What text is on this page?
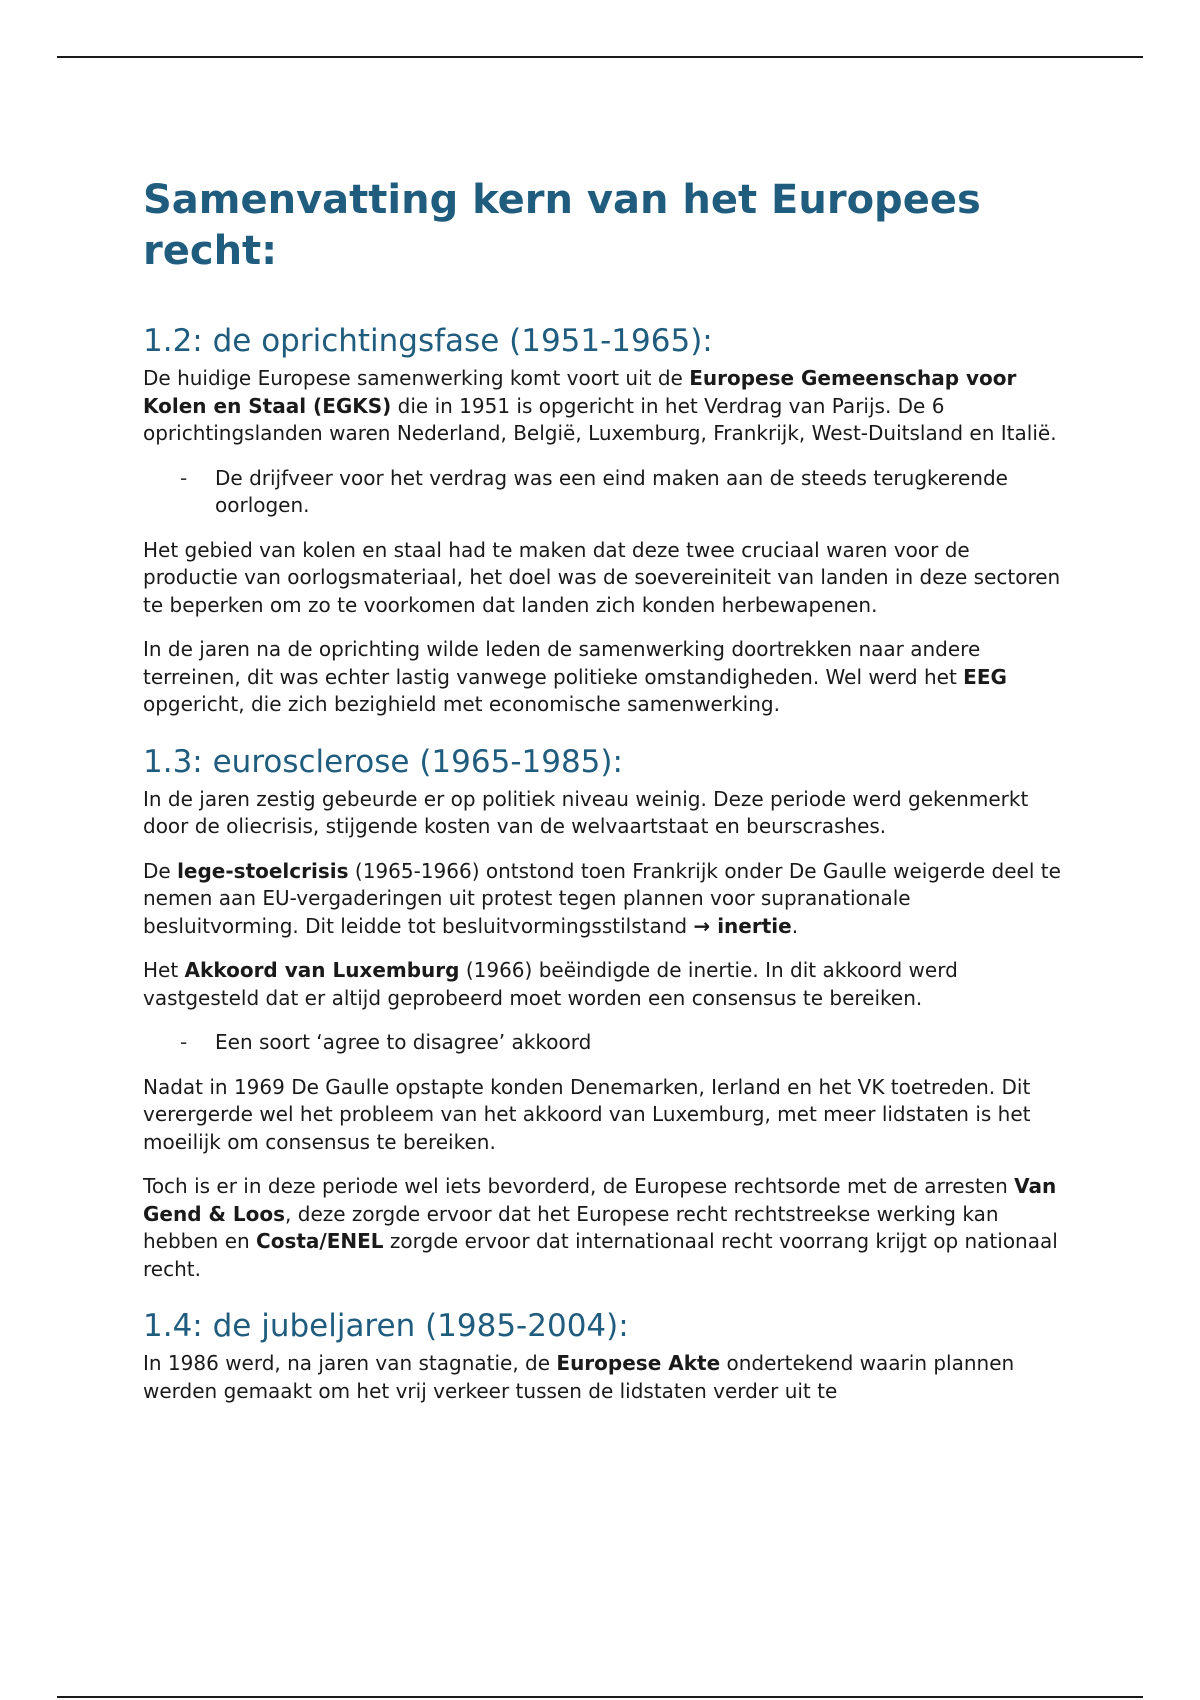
Samenvatting kern van het Europees recht:
1.2: de oprichtingsfase (1951-1965):

De huidige Europese samenwerking komt voort uit de Europese Gemeenschap voor Kolen en Staal (EGKS) die in 1951 is opgericht in het Verdrag van Parijs. De 6 oprichtingslanden waren Nederland, België, Luxemburg, Frankrijk, West-Duitsland en Italië.

- De drijfveer voor het verdrag was een eind maken aan de steeds terugkerende oorlogen.

Het gebied van kolen en staal had te maken dat deze twee cruciaal waren voor de productie van oorlogsmateriaal, het doel was de soevereiniteit van landen in deze sectoren te beperken om zo te voorkomen dat landen zich konden herbewapenen.

In de jaren na de oprichting wilde leden de samenwerking doortrekken naar andere terreinen, dit was echter lastig vanwege politieke omstandigheden. Wel werd het EEG opgericht, die zich bezighield met economische samenwerking.

1.3: eurosclerose (1965-1985):

In de jaren zestig gebeurde er op politiek niveau weinig. Deze periode werd gekenmerkt door de oliecrisis, stijgende kosten van de welvaartstaat en beurscrashes.

De lege-stoelcrisis (1965-1966) ontstond toen Frankrijk onder De Gaulle weigerde deel te nemen aan EU-vergaderingen uit protest tegen plannen voor supranationale besluitvorming. Dit leidde tot besluitvormingsstilstand → inertie.

Het Akkoord van Luxemburg (1966) beëindigde de inertie. In dit akkoord werd vastgesteld dat er altijd geprobeerd moet worden een consensus te bereiken.

- Een soort ‘agree to disagree’ akkoord

Nadat in 1969 De Gaulle opstapte konden Denemarken, Ierland en het VK toetreden. Dit verergerde wel het probleem van het akkoord van Luxemburg, met meer lidstaten is het moeilijk om consensus te bereiken.

Toch is er in deze periode wel iets bevorderd, de Europese rechtsorde met de arresten Van Gend & Loos, deze zorgde ervoor dat het Europese recht rechtstreekse werking kan hebben en Costa/ENEL zorgde ervoor dat internationaal recht voorrang krijgt op nationaal recht.

1.4: de jubeljaren (1985-2004):

In 1986 werd, na jaren van stagnatie, de Europese Akte ondertekend waarin plannen werden gemaakt om het vrij verkeer tussen de lidstaten verder uit te
